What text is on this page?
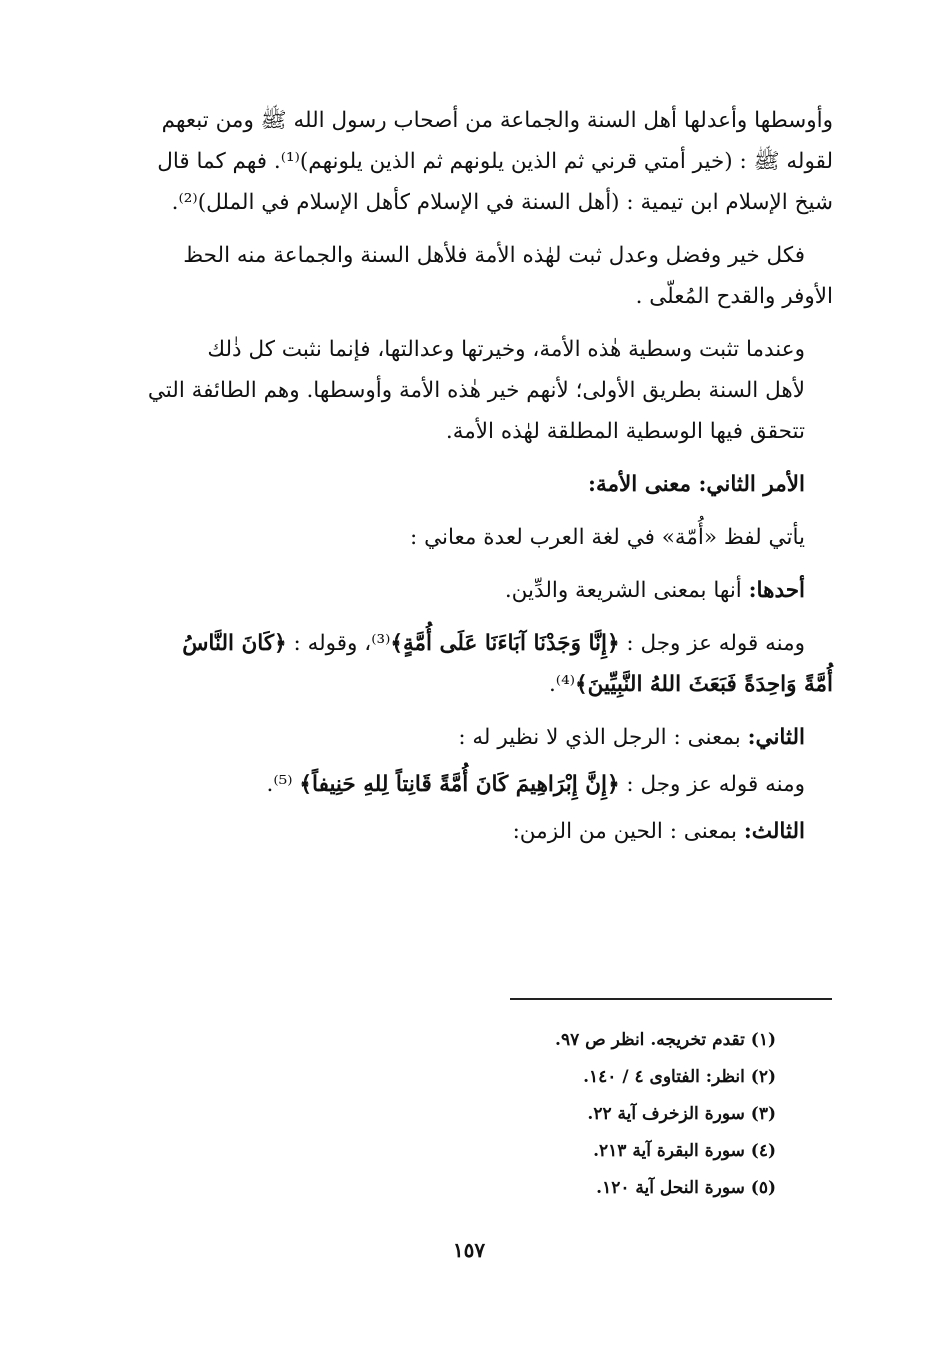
وأوسطها وأعدلها أهل السنة والجماعة من أصحاب رسول الله ﷺ ومن تبعهم
لقوله ﷺ : (خير أمتي قرني ثم الذين يلونهم ثم الذين يلونهم)⁽¹⁾. فهم كما قال
شيخ الإسلام ابن تيمية : (أهل السنة في الإسلام كأهل الإسلام في الملل)⁽²⁾.

فكل خير وفضل وعدل ثبت لهٰذه الأمة فلأهل السنة والجماعة منه الحظ
الأوفر والقدح المُعلّى .

وعندما تثبت وسطية هٰذه الأمة، وخيرتها وعدالتها، فإنما نثبت كل ذٰلك
لأهل السنة بطريق الأولى؛ لأنهم خير هٰذه الأمة وأوسطها. وهم الطائفة التي
تتحقق فيها الوسطية المطلقة لهٰذه الأمة.

الأمر الثاني: معنى الأمة:

يأتي لفظ «أُمّة» في لغة العرب لعدة معاني :

أحدها: أنها بمعنى الشريعة والدِّين.

ومنه قوله عز وجل : ﴿إِنَّا وَجَدْنَا آبَاءَنَا عَلَى أُمَّةٍ﴾⁽³⁾، وقوله : ﴿كَانَ النَّاسُ
أُمَّةً وَاحِدَةً فَبَعَثَ اللهُ النَّبِيِّينَ﴾⁽⁴⁾.

الثاني: بمعنى : الرجل الذي لا نظير له :

ومنه قوله عز وجل : ﴿إِنَّ إِبْرَاهِيمَ كَانَ أُمَّةً قَانِتاً لِلهِ حَنِيفاً﴾ ⁽⁵⁾.

الثالث: بمعنى : الحين من الزمن:

(١) تقدم تخريجه. انظر ص ٩٧.
(٢) انظر: الفتاوى ٤ / ١٤٠.
(٣) سورة الزخرف آية ٢٢.
(٤) سورة البقرة آية ٢١٣.
(٥) سورة النحل آية ١٢٠.
١٥٧
